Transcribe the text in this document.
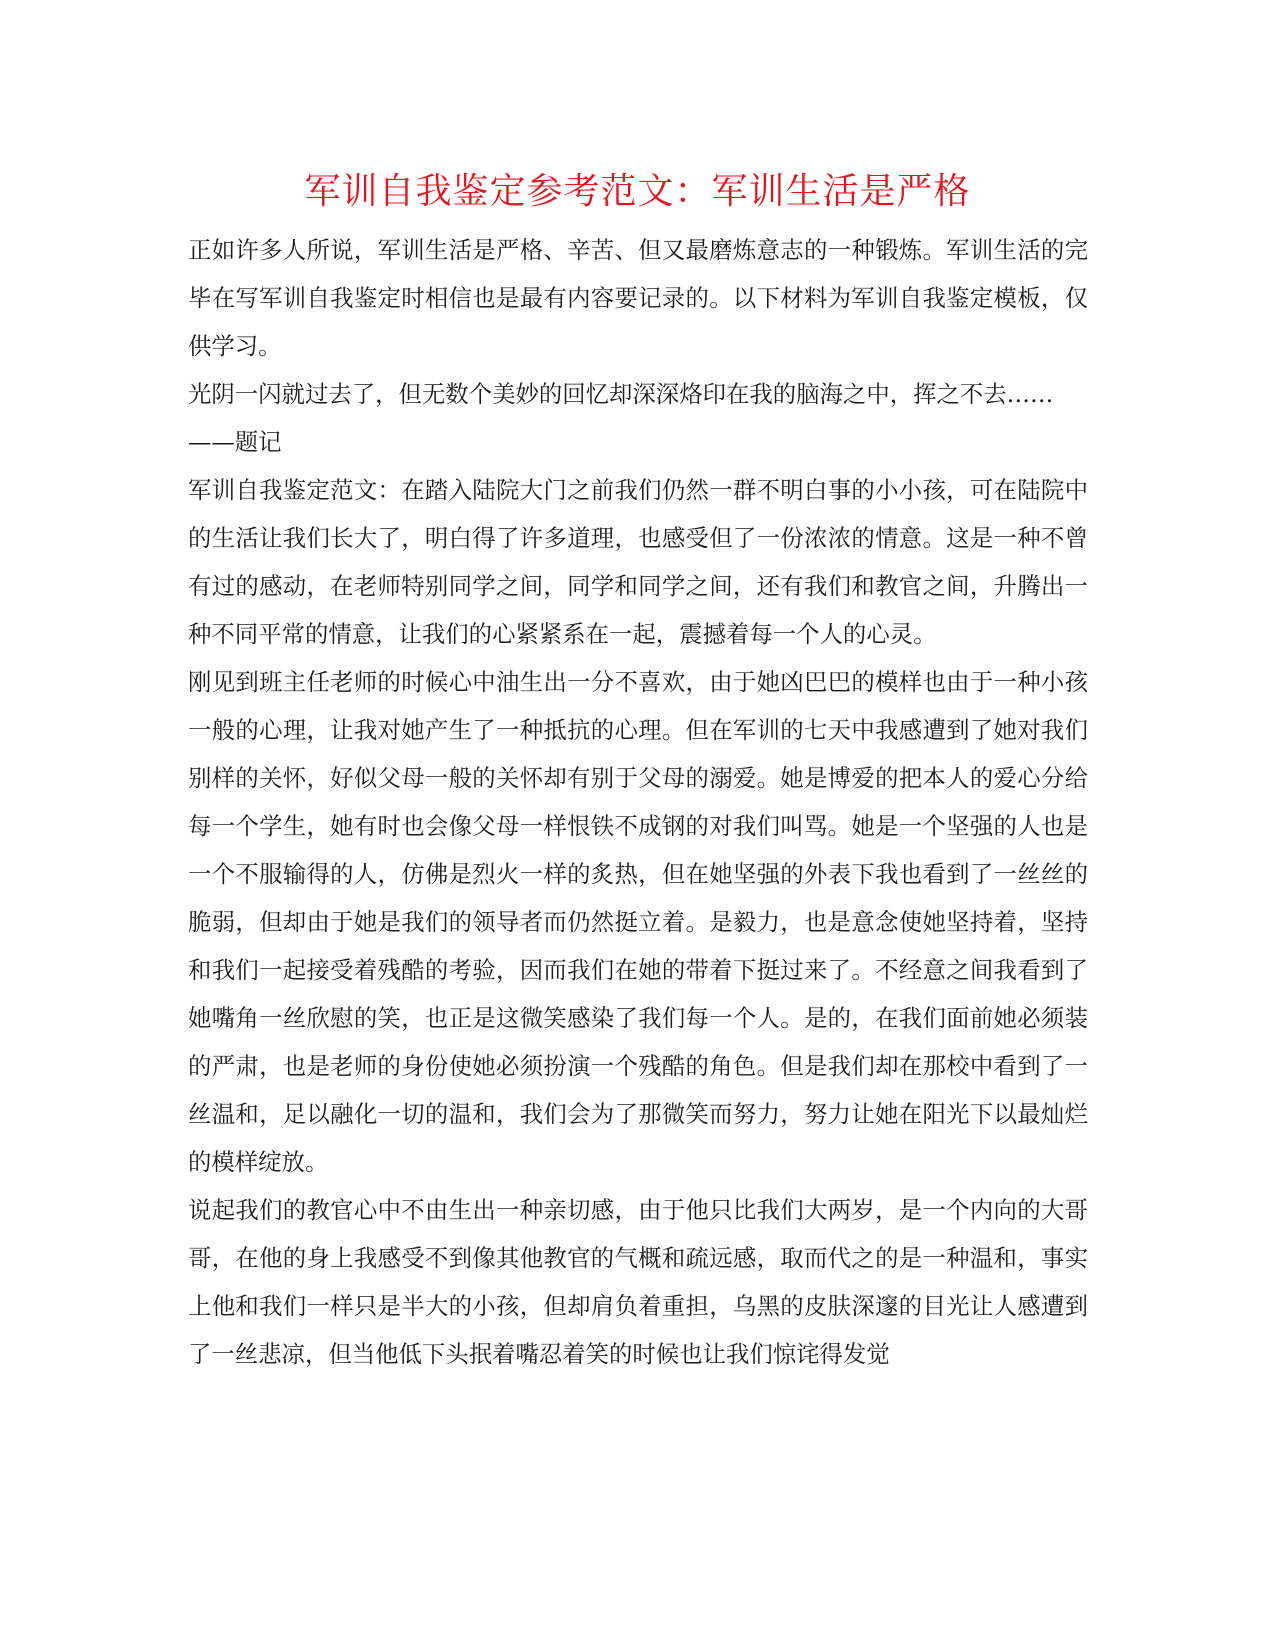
军训自我鉴定参考范文：军训生活是严格

正如许多人所说，军训生活是严格、辛苦、但又最磨炼意志的一种锻炼。军训生活的完毕在写军训自我鉴定时相信也是最有内容要记录的。以下材料为军训自我鉴定模板，仅供学习。

光阴一闪就过去了，但无数个美妙的回忆却深深烙印在我的脑海之中，挥之不去……

——题记

军训自我鉴定范文：在踏入陆院大门之前我们仍然一群不明白事的小小孩，可在陆院中的生活让我们长大了，明白得了许多道理，也感受但了一份浓浓的情意。这是一种不曾有过的感动，在老师特别同学之间，同学和同学之间，还有我们和教官之间，升腾出一种不同平常的情意，让我们的心紧紧系在一起，震撼着每一个人的心灵。

刚见到班主任老师的时候心中油生出一分不喜欢，由于她凶巴巴的模样也由于一种小孩一般的心理，让我对她产生了一种抵抗的心理。但在军训的七天中我感遭到了她对我们别样的关怀，好似父母一般的关怀却有别于父母的溺爱。她是博爱的把本人的爱心分给每一个学生，她有时也会像父母一样恨铁不成钢的对我们叫骂。她是一个坚强的人也是一个不服输得的人，仿佛是烈火一样的炙热，但在她坚强的外表下我也看到了一丝丝的脆弱，但却由于她是我们的领导者而仍然挺立着。是毅力，也是意念使她坚持着，坚持和我们一起接受着残酷的考验，因而我们在她的带着下挺过来了。不经意之间我看到了她嘴角一丝欣慰的笑，也正是这微笑感染了我们每一个人。是的，在我们面前她必须装的严肃，也是老师的身份使她必须扮演一个残酷的角色。但是我们却在那校中看到了一丝温和，足以融化一切的温和，我们会为了那微笑而努力，努力让她在阳光下以最灿烂的模样绽放。

说起我们的教官心中不由生出一种亲切感，由于他只比我们大两岁，是一个内向的大哥哥，在他的身上我感受不到像其他教官的气概和疏远感，取而代之的是一种温和，事实上他和我们一样只是半大的小孩，但却肩负着重担，乌黑的皮肤深邃的目光让人感遭到了一丝悲凉，但当他低下头抿着嘴忍着笑的时候也让我们惊诧得发觉
